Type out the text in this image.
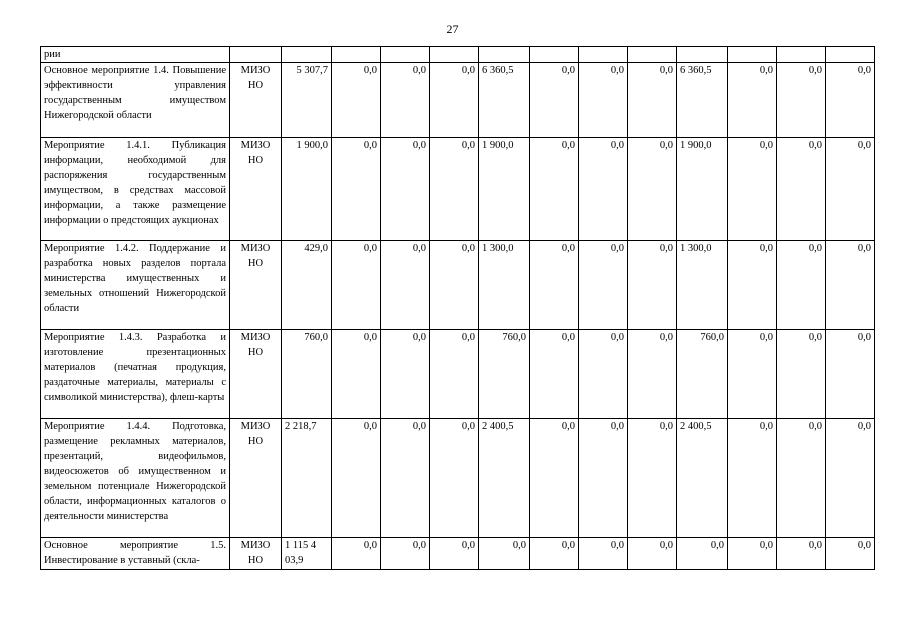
27
рии													
Основное мероприятие 1.4. Повышение эффективности управления государственным имуществом Нижегородской области	МИЗО НО	5 307,7	0,0	0,0	0,0	6 360,5	0,0	0,0	0,0	6 360,5	0,0	0,0	0,0
Мероприятие 1.4.1. Публикация информации, необходимой для распоряжения государственным имуществом, в средствах массовой информации, а также размещение информации о предстоящих аукционах	МИЗО НО	1 900,0	0,0	0,0	0,0	1 900,0	0,0	0,0	0,0	1 900,0	0,0	0,0	0,0
Мероприятие 1.4.2. Поддержание и разработка новых разделов портала министерства имущественных и земельных отношений Нижегородской области	МИЗО НО	429,0	0,0	0,0	0,0	1 300,0	0,0	0,0	0,0	1 300,0	0,0	0,0	0,0
Мероприятие 1.4.3. Разработка и изготовление презентационных материалов (печатная продукция, раздаточные материалы, материалы с символикой министерства), флеш-карты	МИЗО НО	760,0	0,0	0,0	0,0	760,0	0,0	0,0	0,0	760,0	0,0	0,0	0,0
Мероприятие 1.4.4. Подготовка, размещение рекламных материалов, презентаций, видеофильмов, видеосюжетов об имущественном и земельном потенциале Нижегородской области, информационных каталогов о деятельности министерства	МИЗО НО	2 218,7	0,0	0,0	0,0	2 400,5	0,0	0,0	0,0	2 400,5	0,0	0,0	0,0
Основное мероприятие 1.5. Инвестирование в уставный (скла-	МИЗО НО	1 115 4 03,9	0,0	0,0	0,0	0,0	0,0	0,0	0,0	0,0	0,0	0,0	0,0
